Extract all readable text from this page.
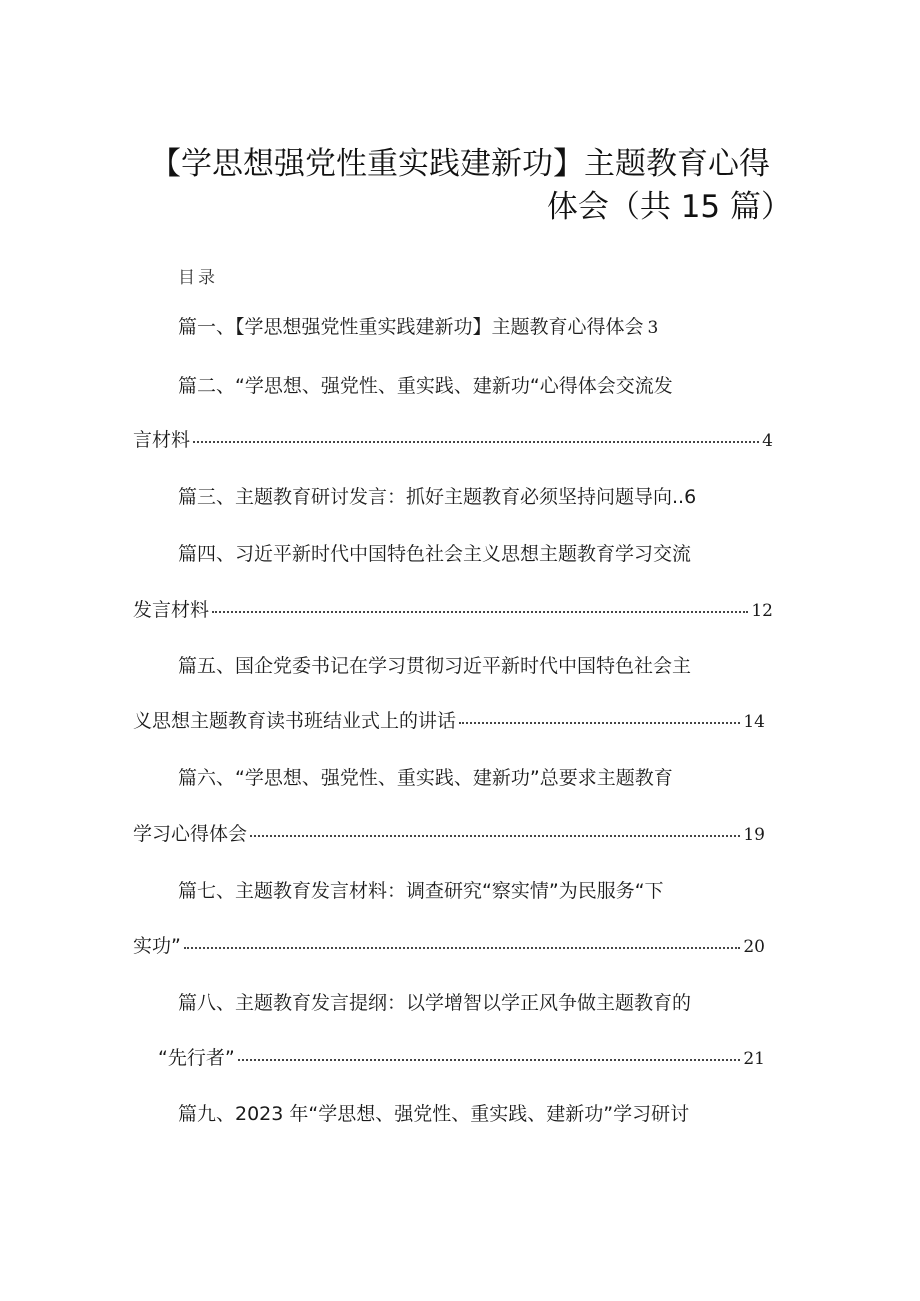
【学思想强党性重实践建新功】主题教育心得
体会（共 15 篇）
目录
篇一、【学思想强党性重实践建新功】主题教育心得体会 3
篇二、“学思想、强党性、重实践、建新功“心得体会交流发
言材料	4
篇三、主题教育研讨发言：抓好主题教育必须坚持问题导向..6
篇四、习近平新时代中国特色社会主义思想主题教育学习交流
发言材料	12
篇五、国企党委书记在学习贯彻习近平新时代中国特色社会主
义思想主题教育读书班结业式上的讲话	14
篇六、“学思想、强党性、重实践、建新功”总要求主题教育
学习心得体会	19
篇七、主题教育发言材料：调查研究“察实情”为民服务“下
实功”	20
篇八、主题教育发言提纲：以学增智以学正风争做主题教育的
“先行者”	21
篇九、2023 年“学思想、强党性、重实践、建新功”学习研讨
